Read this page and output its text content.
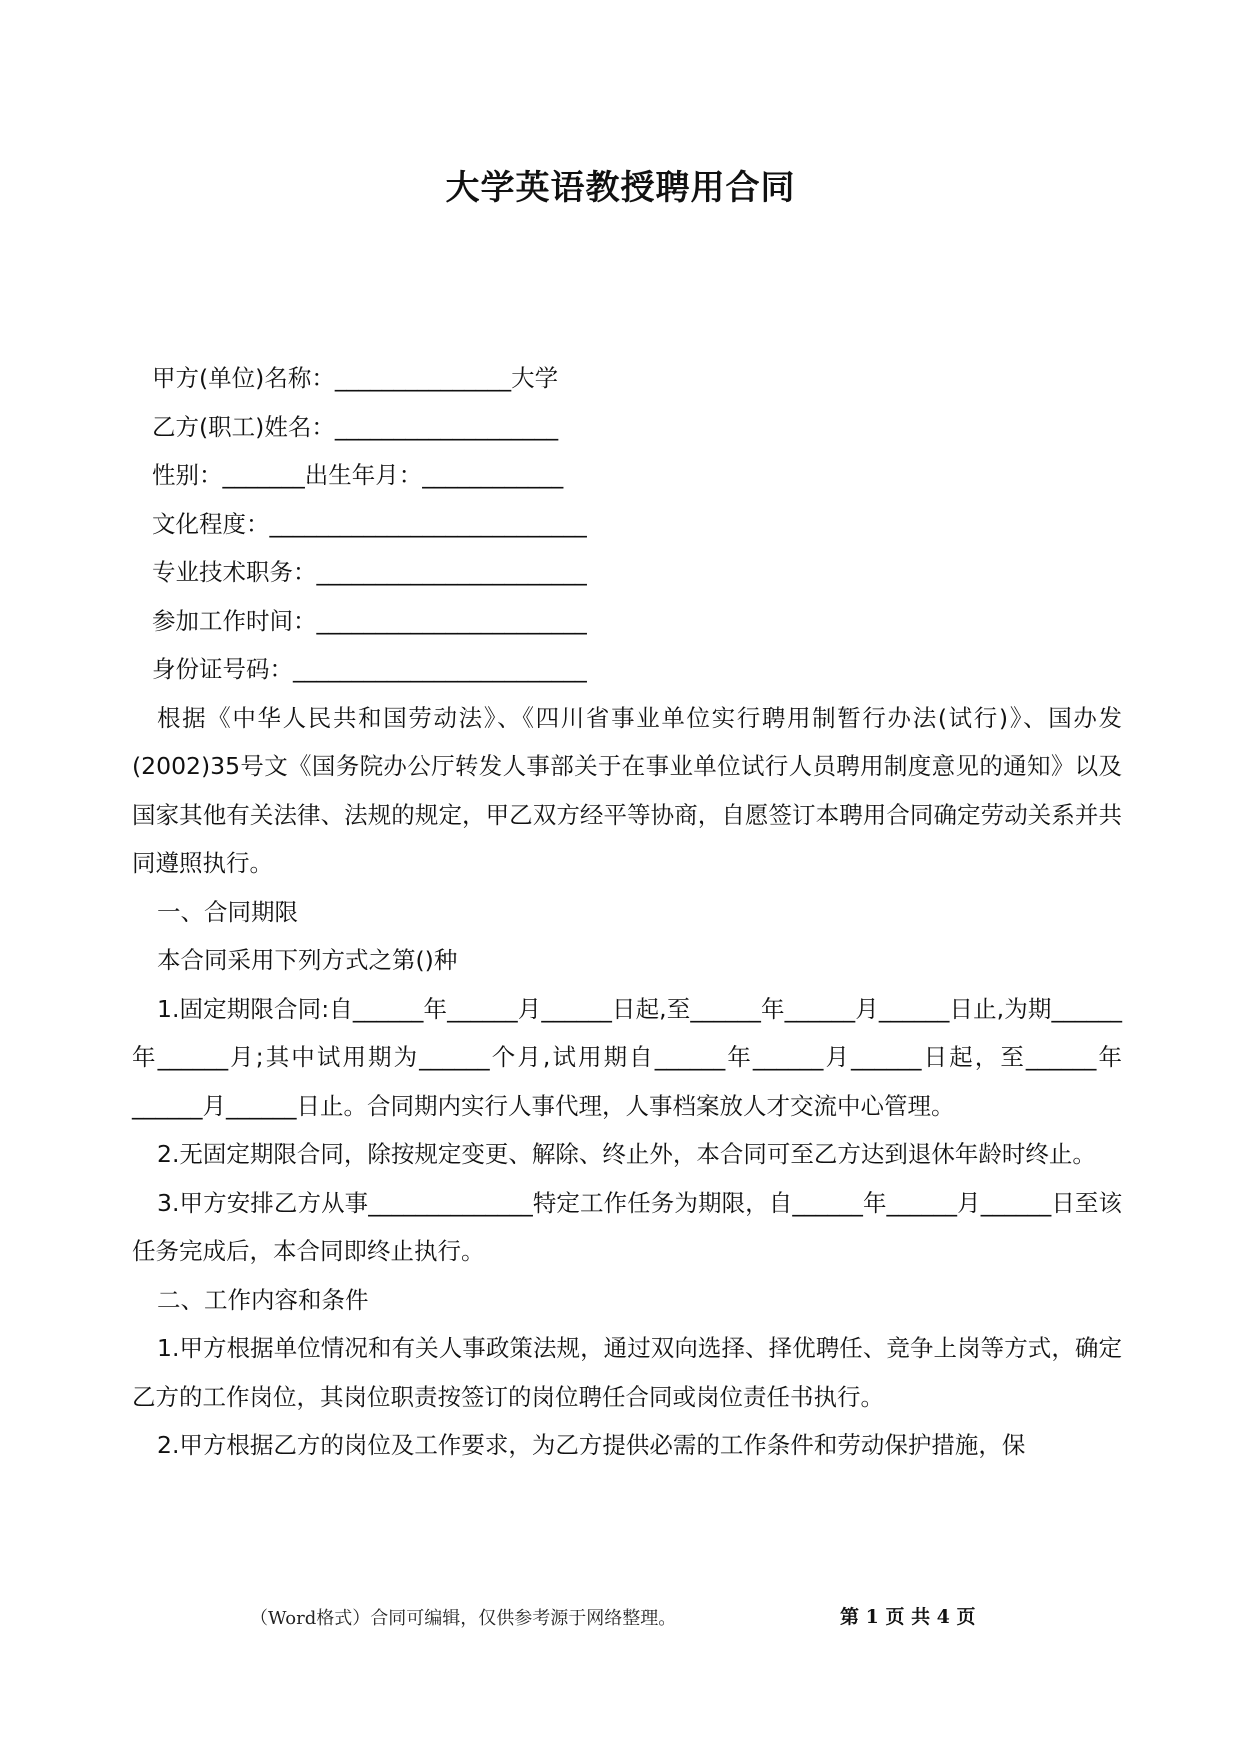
大学英语教授聘用合同
甲方(单位)名称：_______________大学
乙方(职工)姓名：___________________
性别：_______出生年月：____________
文化程度：___________________________
专业技术职务：_______________________
参加工作时间：_______________________
身份证号码：_________________________
根据《中华人民共和国劳动法》、《四川省事业单位实行聘用制暂行办法(试行)》、国办发(2002)35号文《国务院办公厅转发人事部关于在事业单位试行人员聘用制度意见的通知》以及国家其他有关法律、法规的规定，甲乙双方经平等协商，自愿签订本聘用合同确定劳动关系并共同遵照执行。
一、合同期限
本合同采用下列方式之第()种
1.固定期限合同:自______年______月______日起,至______年______月______日止,为期______年______月;其中试用期为______个月,试用期自______年______月______日起，至______年______月______日止。合同期内实行人事代理，人事档案放人才交流中心管理。
2.无固定期限合同，除按规定变更、解除、终止外，本合同可至乙方达到退休年龄时终止。
3.甲方安排乙方从事______________特定工作任务为期限，自______年______月______日至该任务完成后，本合同即终止执行。
二、工作内容和条件
1.甲方根据单位情况和有关人事政策法规，通过双向选择、择优聘任、竞争上岗等方式，确定乙方的工作岗位，其岗位职责按签订的岗位聘任合同或岗位责任书执行。
2.甲方根据乙方的岗位及工作要求，为乙方提供必需的工作条件和劳动保护措施，保
（Word格式）合同可编辑，仅供参考源于网络整理。	第 1 页 共 4 页
